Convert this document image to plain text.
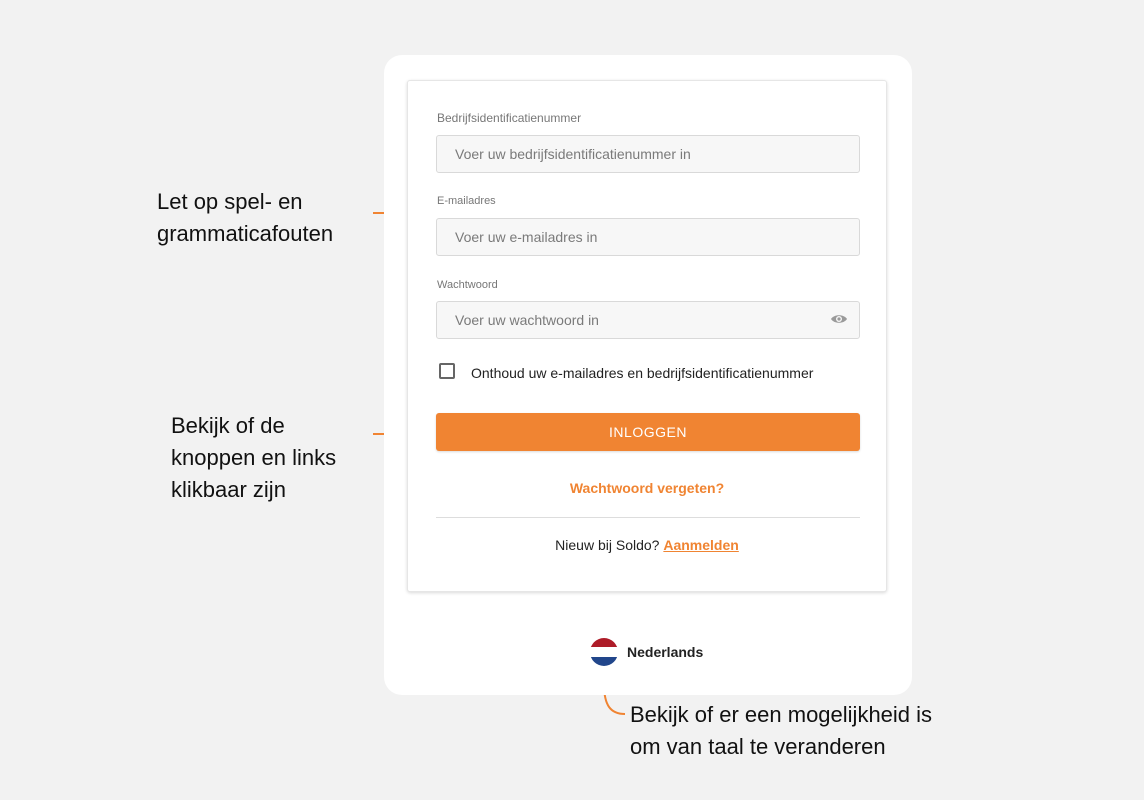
Let op spel- en
grammaticafouten
Bekijk of de
knoppen en links
klikbaar zijn
Bekijk of er een mogelijkheid is
om van taal te veranderen
Bedrijfsidentificatienummer
Voer uw bedrijfsidentificatienummer in
E-mailadres
Voer uw e-mailadres in
Wachtwoord
Onthoud uw e-mailadres en bedrijfsidentificatienummer
INLOGGEN
Wachtwoord vergeten?
Nieuw bij Soldo? Aanmelden
Nederlands
